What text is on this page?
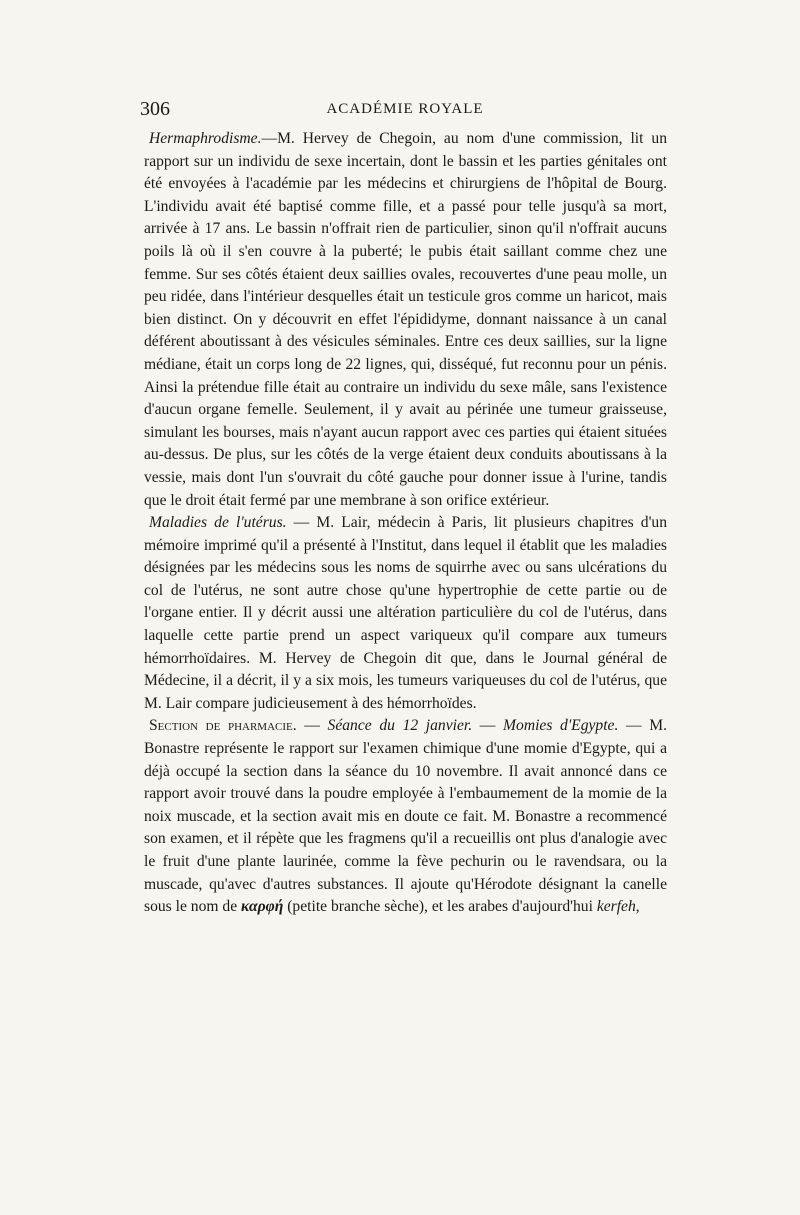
306	ACADÉMIE ROYALE

Hermaphrodisme.—M. Hervey de Chegoin, au nom d'une commission, lit un rapport sur un individu de sexe incertain, dont le bassin et les parties génitales ont été envoyées à l'académie par les médecins et chirurgiens de l'hôpital de Bourg. L'individu avait été baptisé comme fille, et a passé pour telle jusqu'à sa mort, arrivée à 17 ans. Le bassin n'offrait rien de particulier, sinon qu'il n'offrait aucuns poils là où il s'en couvre à la puberté; le pubis était saillant comme chez une femme. Sur ses côtés étaient deux saillies ovales, recouvertes d'une peau molle, un peu ridée, dans l'intérieur desquelles était un testicule gros comme un haricot, mais bien distinct. On y découvrit en effet l'épididyme, donnant naissance à un canal déférent aboutissant à des vésicules séminales. Entre ces deux saillies, sur la ligne médiane, était un corps long de 22 lignes, qui, disséqué, fut reconnu pour un pénis. Ainsi la prétendue fille était au contraire un individu du sexe mâle, sans l'existence d'aucun organe femelle. Seulement, il y avait au périnée une tumeur graisseuse, simulant les bourses, mais n'ayant aucun rapport avec ces parties qui étaient situées au-dessus. De plus, sur les côtés de la verge étaient deux conduits aboutissans à la vessie, mais dont l'un s'ouvrait du côté gauche pour donner issue à l'urine, tandis que le droit était fermé par une membrane à son orifice extérieur.

Maladies de l'utérus. — M. Lair, médecin à Paris, lit plusieurs chapitres d'un mémoire imprimé qu'il a présenté à l'Institut, dans lequel il établit que les maladies désignées par les médecins sous les noms de squirrhe avec ou sans ulcérations du col de l'utérus, ne sont autre chose qu'une hypertrophie de cette partie ou de l'organe entier. Il y décrit aussi une altération particulière du col de l'utérus, dans laquelle cette partie prend un aspect variqueux qu'il compare aux tumeurs hémorrhoïdaires. M. Hervey de Chegoin dit que, dans le Journal général de Médecine, il a décrit, il y a six mois, les tumeurs variqueuses du col de l'utérus, que M. Lair compare judicieusement à des hémorrhoïdes.

Section de pharmacie. — Séance du 12 janvier. — Momies d'Egypte. — M. Bonastre représente le rapport sur l'examen chimique d'une momie d'Egypte, qui a déjà occupé la section dans la séance du 10 novembre. Il avait annoncé dans ce rapport avoir trouvé dans la poudre employée à l'embaumement de la momie de la noix muscade, et la section avait mis en doute ce fait. M. Bonastre a recommencé son examen, et il répète que les fragmens qu'il a recueillis ont plus d'analogie avec le fruit d'une plante laurinée, comme la fève pechurin ou le ravendsara, ou la muscade, qu'avec d'autres substances. Il ajoute qu'Hérodote désignant la canelle sous le nom de καρφή (petite branche sèche), et les arabes d'aujourd'hui kerfeh,
